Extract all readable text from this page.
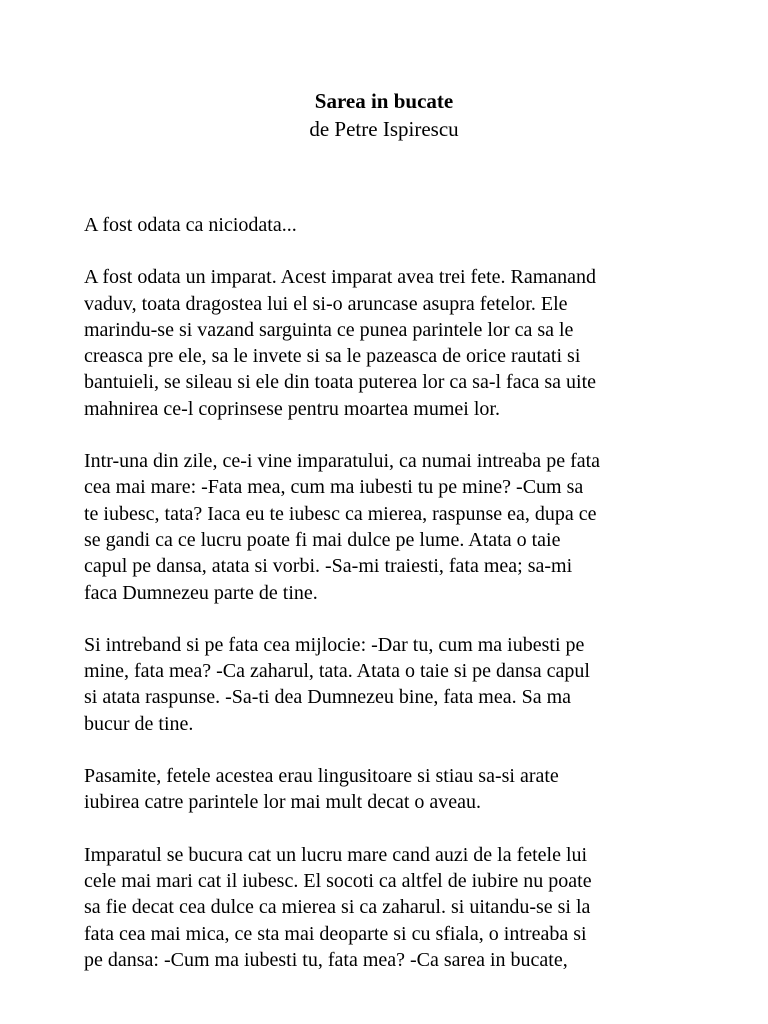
Sarea in bucate

de Petre Ispirescu

A fost odata ca niciodata...

A fost odata un imparat. Acest imparat avea trei fete. Ramanand
vaduv, toata dragostea lui el si-o aruncase asupra fetelor. Ele
marindu-se si vazand sarguinta ce punea parintele lor ca sa le
creasca pre ele, sa le invete si sa le pazeasca de orice rautati si
bantuieli, se sileau si ele din toata puterea lor ca sa-l faca sa uite
mahnirea ce-l coprinsese pentru moartea mumei lor.

Intr-una din zile, ce-i vine imparatului, ca numai intreaba pe fata
cea mai mare: -Fata mea, cum ma iubesti tu pe mine? -Cum sa
te iubesc, tata? Iaca eu te iubesc ca mierea, raspunse ea, dupa ce
se gandi ca ce lucru poate fi mai dulce pe lume. Atata o taie
capul pe dansa, atata si vorbi. -Sa-mi traiesti, fata mea; sa-mi
faca Dumnezeu parte de tine.

Si intreband si pe fata cea mijlocie: -Dar tu, cum ma iubesti pe
mine, fata mea? -Ca zaharul, tata. Atata o taie si pe dansa capul
si atata raspunse. -Sa-ti dea Dumnezeu bine, fata mea. Sa ma
bucur de tine.

Pasamite, fetele acestea erau lingusitoare si stiau sa-si arate
iubirea catre parintele lor mai mult decat o aveau.

Imparatul se bucura cat un lucru mare cand auzi de la fetele lui
cele mai mari cat il iubesc. El socoti ca altfel de iubire nu poate
sa fie decat cea dulce ca mierea si ca zaharul. si uitandu-se si la
fata cea mai mica, ce sta mai deoparte si cu sfiala, o intreaba si
pe dansa: -Cum ma iubesti tu, fata mea? -Ca sarea in bucate,
